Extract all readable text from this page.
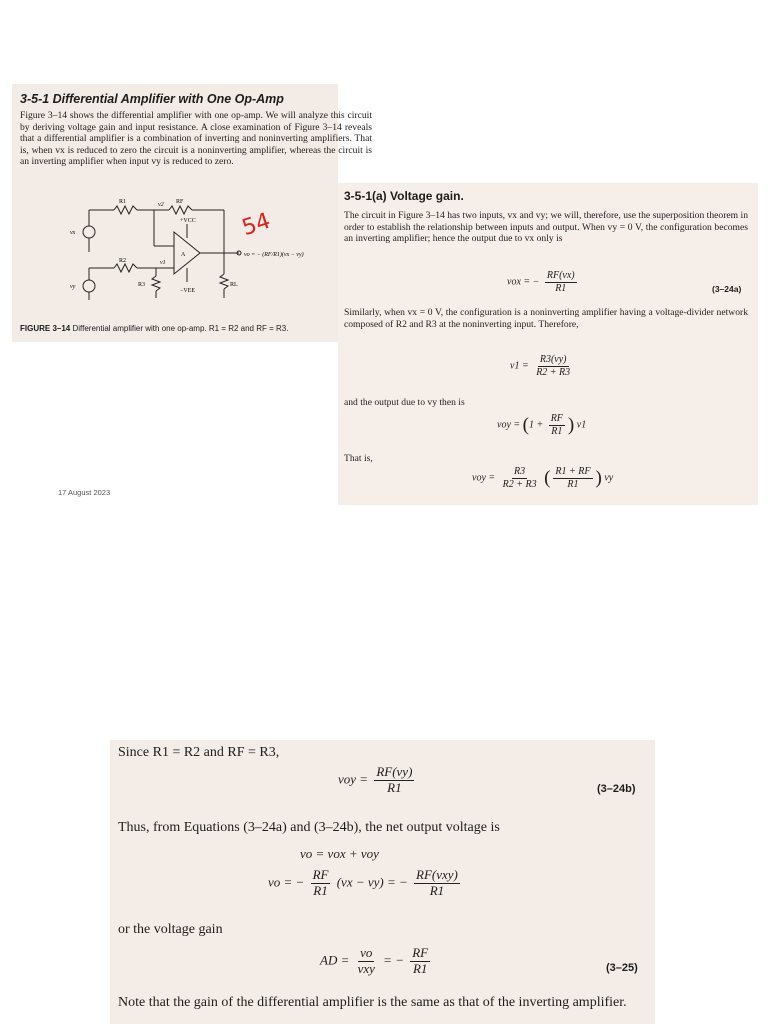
3-5-1 Differential Amplifier with One Op-Amp
Figure 3–14 shows the differential amplifier with one op-amp. We will analyze this circuit by deriving voltage gain and input resistance. A close examination of Figure 3–14 reveals that a differential amplifier is a combination of inverting and noninverting amplifiers. That is, when vx is reduced to zero the circuit is a noninverting amplifier, whereas the circuit is an inverting amplifier when input vy is reduced to zero.
R1	RF
R2
R3	RL
+VCC
−VEE
A
vx
vy
v1
v2
vo = − (RF/R1)(vx − vy)
54
FIGURE 3–14 Differential amplifier with one op-amp. R1 = R2 and RF = R3.
3-5-1(a) Voltage gain.
The circuit in Figure 3–14 has two inputs, vx and vy; we will, therefore, use the superposition theorem in order to establish the relationship between inputs and output. When vy = 0 V, the configuration becomes an inverting amplifier; hence the output due to vx only is
vox = − $\frac{RF(vx)}{R1}$	(3–24a)
Similarly, when vx = 0 V, the configuration is a noninverting amplifier having a voltage-divider network composed of R2 and R3 at the noninverting input. Therefore,
$v1 = \frac{R3(vy)}{R2 + R3}$
and the output due to vy then is
voy = ($1 + \frac{RF}{R1}$ ) v1
That is,
voy = $\frac{R3}{R2 + R3}$ ( $\frac{R1 + RF}{R1}$ ) vy
17 August 2023
Since R1 = R2 and RF = R3,
voy = $\frac{RF(vy)}{R1}$	(3–24b)
Thus, from Equations (3–24a) and (3–24b), the net output voltage is
vo = vox + voy
vo = − $\frac{RF}{R1} (vx - vy)$ = − $\frac{\text{RF(vxy)}}{R1}$
or the voltage gain
AD = $\frac{vo}{\text{vxy}}$ = − $\frac{RF}{R1}$	(3–25)
Note that the gain of the differential amplifier is the same as that of the inverting amplifier.
